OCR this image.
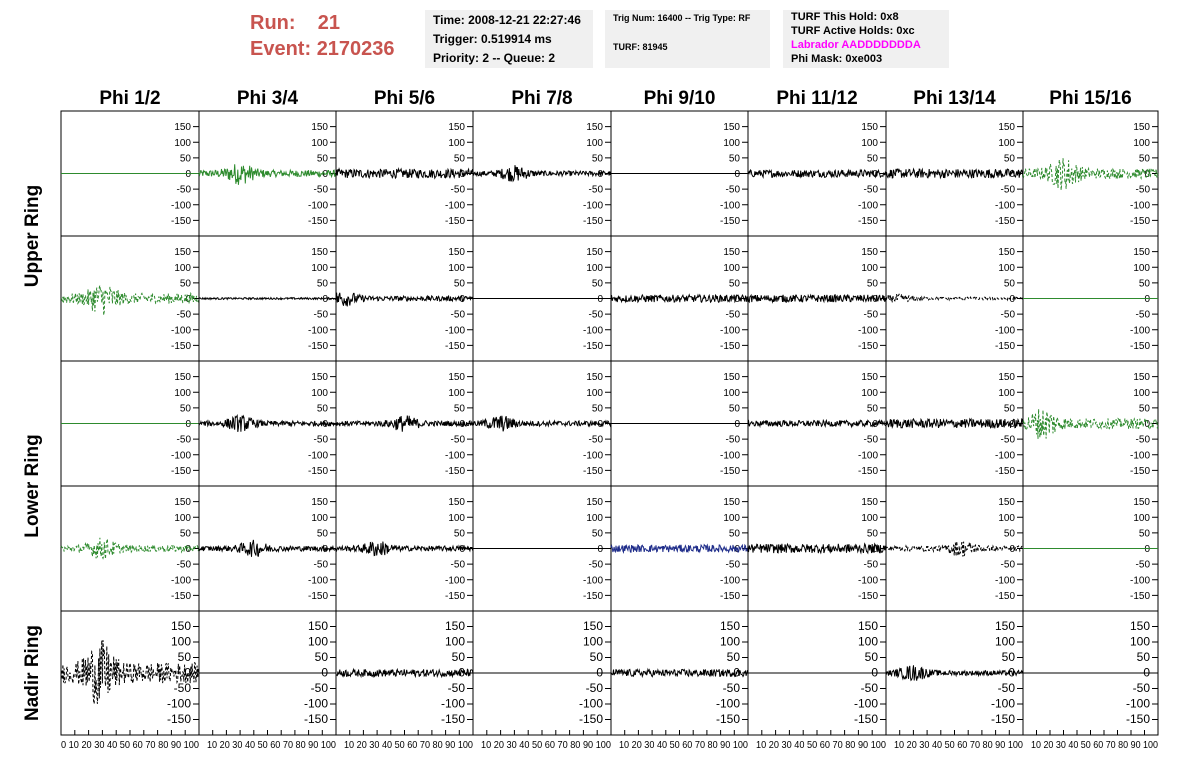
Run: 21
Event: 2170236
Time: 2008-12-21 22:27:46
Trigger: 0.519914 ms
Priority: 2 -- Queue: 2
Trig Num: 16400 -- Trig Type: RF
TURF: 81945
TURF This Hold: 0x8
TURF Active Holds: 0xc
Labrador AADDDDDDDA
Phi Mask: 0xe003
Phi 1/2	Phi 3/4	Phi 5/6	Phi 7/8	Phi 9/10	Phi 11/12	Phi 13/14	Phi 15/16
Upper Ring
Lower Ring
Nadir Ring
-150
-100
-50
0
50
100
150
-150
-100
-50
0
50
100
150
-150
-100
-50
0
50
100
150
-150
-100
-50
0
50
100
150
-150
-100
-50
0
50
100
150
-150
-100
-50
0
50
100
150
-150
-100
-50
0
50
100
150
-150
-100
-50
0
50
100
150
-150
-100
-50
0
50
100
150
-150
-100
-50
0
50
100
150
-150
-100
-50
0
50
100
150
-150
-100
-50
0
50
100
150
-150
-100
-50
0
50
100
150
-150
-100
-50
0
50
100
150
-150
-100
-50
0
50
100
150
-150
-100
-50
0
50
100
150
-150
-100
-50
0
50
100
150
-150
-100
-50
0
50
100
150
-150
-100
-50
0
50
100
150
-150
-100
-50
0
50
100
150
-150
-100
-50
0
50
100
150
-150
-100
-50
0
50
100
150
-150
-100
-50
0
50
100
150
-150
-100
-50
0
50
100
150
-150
-100
-50
0
50
100
150
-150
-100
-50
0
50
100
150
-150
-100
-50
0
50
100
150
-150
-100
-50
0
50
100
150
-150
-100
-50
0
50
100
150
-150
-100
-50
0
50
100
150
-150
-100
-50
0
50
100
150
-150
-100
-50
0
50
100
150
-150
-100
-50
0
50
100
150
-150
-100
-50
0
50
100
150
-150
-100
-50
0
50
100
150
-150
-100
-50
0
50
100
150
-150
-100
-50
0
50
100
150
-150
-100
-50
0
50
100
150
-150
-100
-50
0
50
100
150
-150
-100
-50
0
50
100
150
0 10 20 30 40 50 60 70 80 90 100 10 20 30 40 50 60 70 80 90 100 10 20 30 40 50 60 70 80 90 100 10 20 30 40 50 60 70 80 90 100 10 20 30 40 50 60 70 80 90 100 10 20 30 40 50 60 70 80 90 100 10 20 30 40 50 60 70 80 90 100 10 20 30 40 50 60 70 80 90 100
